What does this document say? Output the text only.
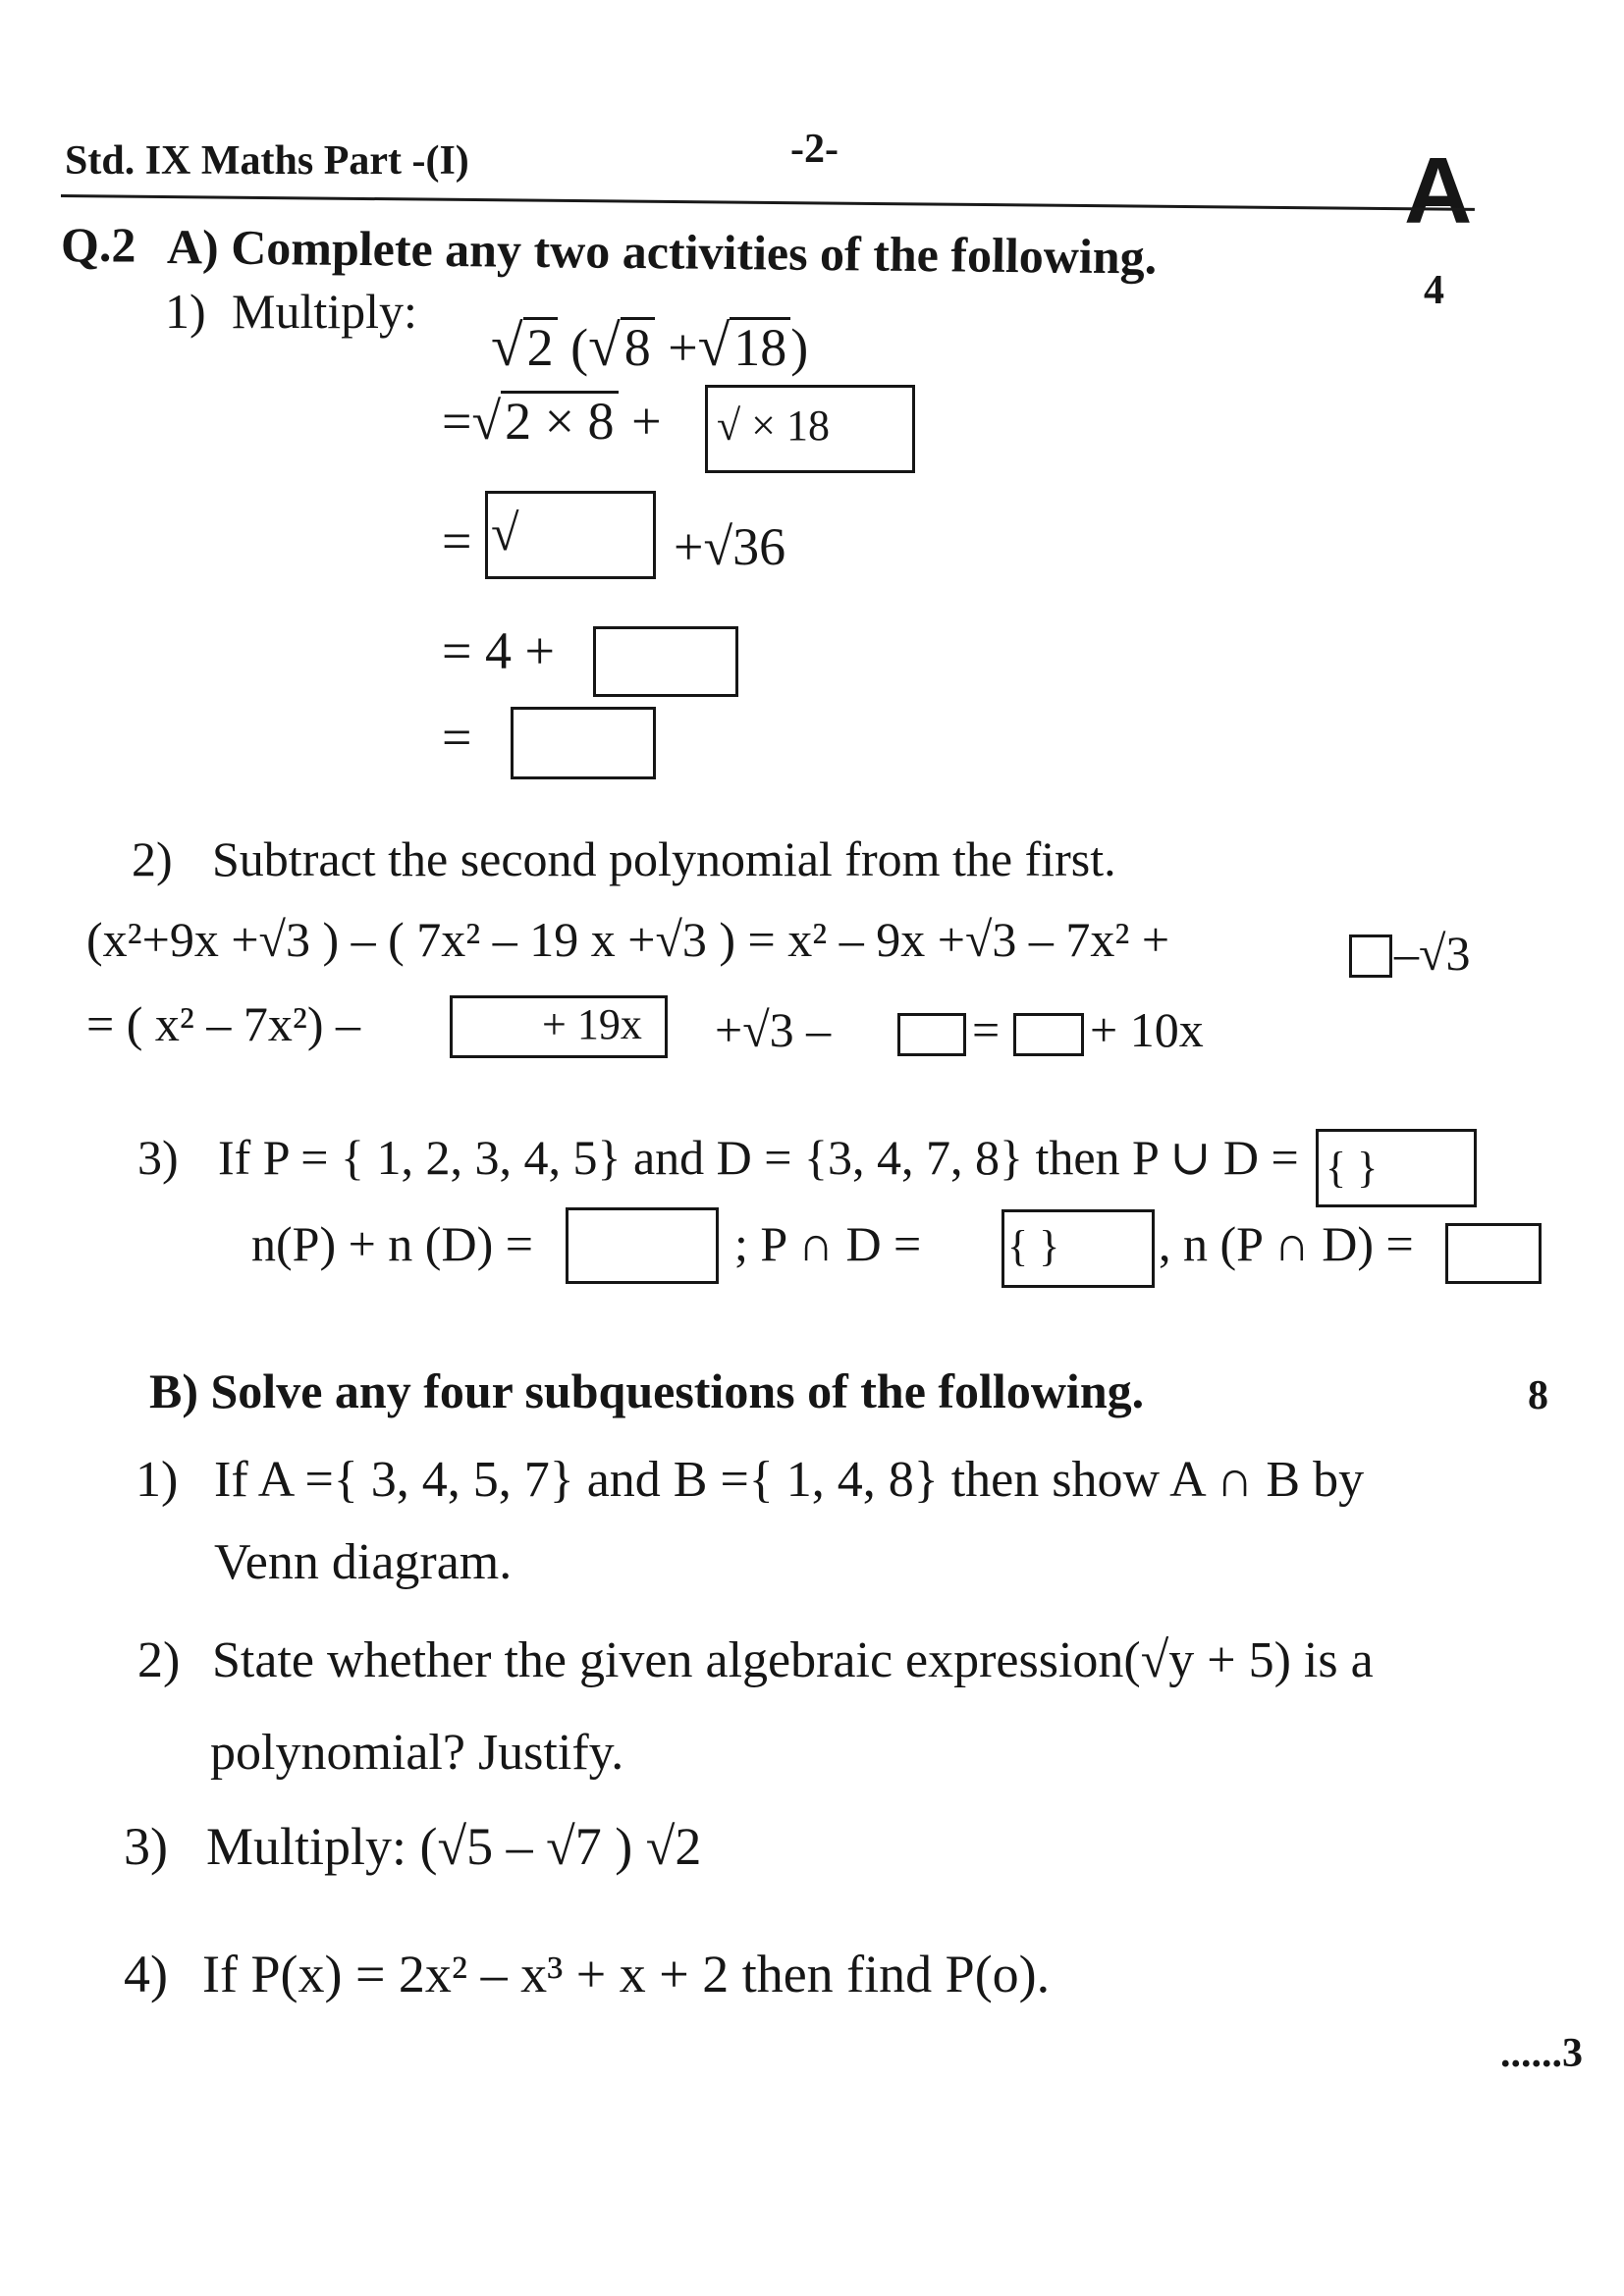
Std. IX Maths Part -(I)	-2-	A
Q.2 A) Complete any two activities of the following.
4
1) Multiply:
√2 (√8 +√18)
=√2 × 8 + √ × 18
= √	+√36
= 4 +
=
2) Subtract the second polynomial from the first.
(x²+9x +√3 ) – ( 7x² – 19 x +√3 ) = x² – 9x +√3 – 7x² +	–√3
= ( x² – 7x²) –	+ 19x +√3 –	= + 10x
3) If P = { 1, 2, 3, 4, 5} and D = {3, 4, 7, 8} then P ∪ D = { }
n(P) + n (D) =	; P ∩ D = { } , n (P ∩ D) =
B) Solve any four subquestions of the following.	8
1) If A ={ 3, 4, 5, 7} and B ={ 1, 4, 8} then show A ∩ B by
Venn diagram.
2) State whether the given algebraic expression(√y + 5) is a
polynomial? Justify.
3) Multiply: (√5 – √7 ) √2
4) If P(x) = 2x² – x³ + x + 2 then find P(o).
......3
